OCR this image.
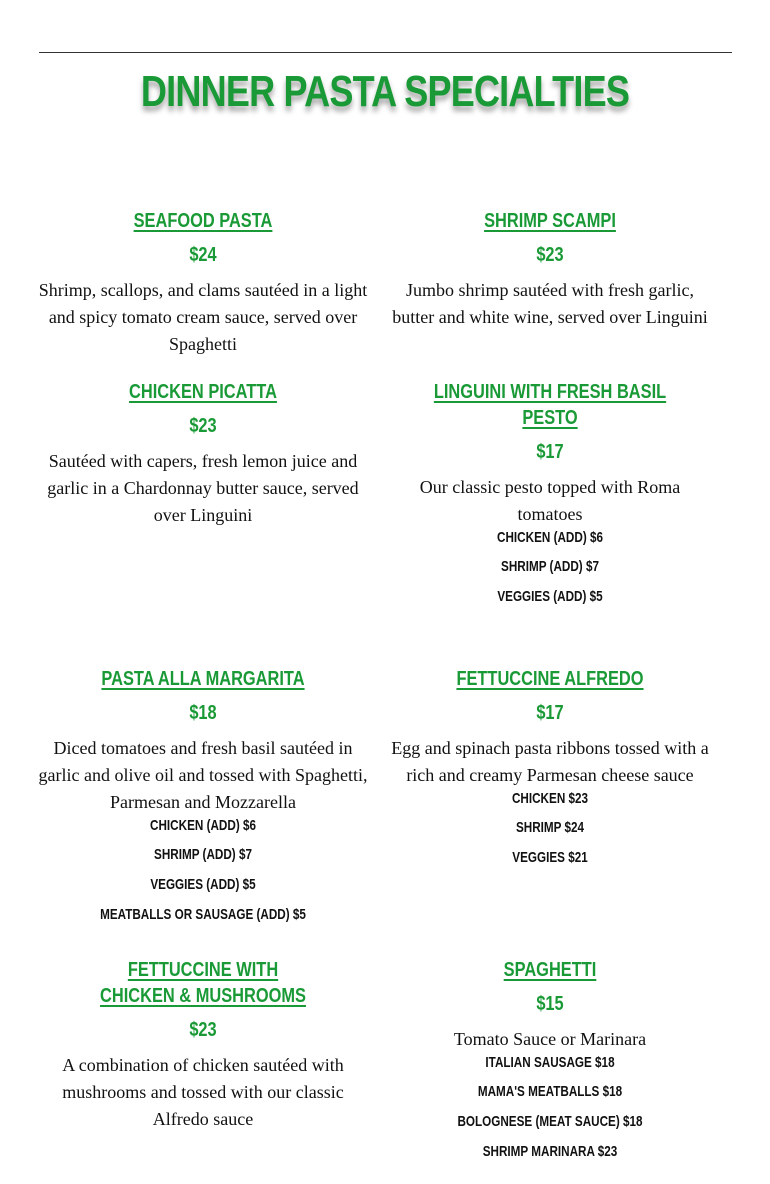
DINNER PASTA SPECIALTIES
SEAFOOD PASTA
$24
Shrimp, scallops, and clams sautéed in a light and spicy tomato cream sauce, served over Spaghetti
SHRIMP SCAMPI
$23
Jumbo shrimp sautéed with fresh garlic, butter and white wine, served over Linguini
CHICKEN PICATTA
$23
Sautéed with capers, fresh lemon juice and garlic in a Chardonnay butter sauce, served over Linguini
LINGUINI WITH FRESH BASIL PESTO
$17
Our classic pesto topped with Roma tomatoes
CHICKEN (ADD) $6
SHRIMP (ADD) $7
VEGGIES (ADD) $5
PASTA ALLA MARGARITA
$18
Diced tomatoes and fresh basil sautéed in garlic and olive oil and tossed with Spaghetti, Parmesan and Mozzarella
CHICKEN (ADD) $6
SHRIMP (ADD) $7
VEGGIES (ADD) $5
MEATBALLS OR SAUSAGE (ADD) $5
FETTUCCINE ALFREDO
$17
Egg and spinach pasta ribbons tossed with a rich and creamy Parmesan cheese sauce
CHICKEN $23
SHRIMP $24
VEGGIES $21
FETTUCCINE WITH CHICKEN & MUSHROOMS
$23
A combination of chicken sautéed with mushrooms and tossed with our classic Alfredo sauce
SPAGHETTI
$15
Tomato Sauce or Marinara
ITALIAN SAUSAGE $18
MAMA'S MEATBALLS $18
BOLOGNESE (MEAT SAUCE) $18
SHRIMP MARINARA $23
